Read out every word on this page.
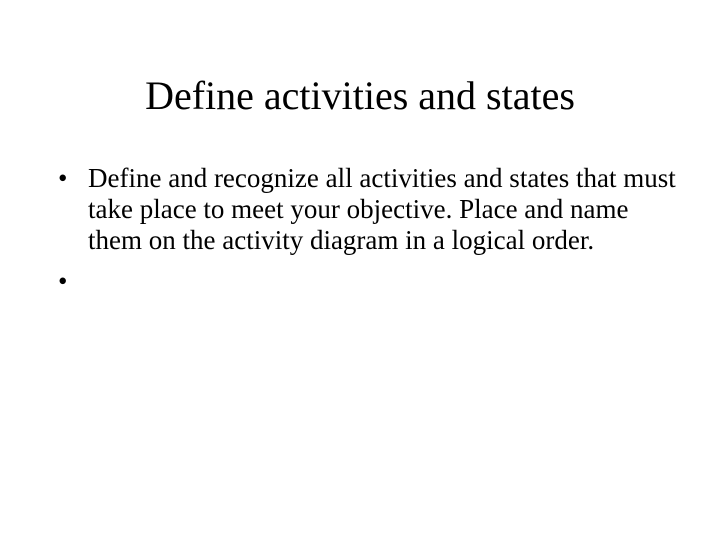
Define activities and states
• Define and recognize all activities and states that must take place to meet your objective. Place and name them on the activity diagram in a logical order.
•
